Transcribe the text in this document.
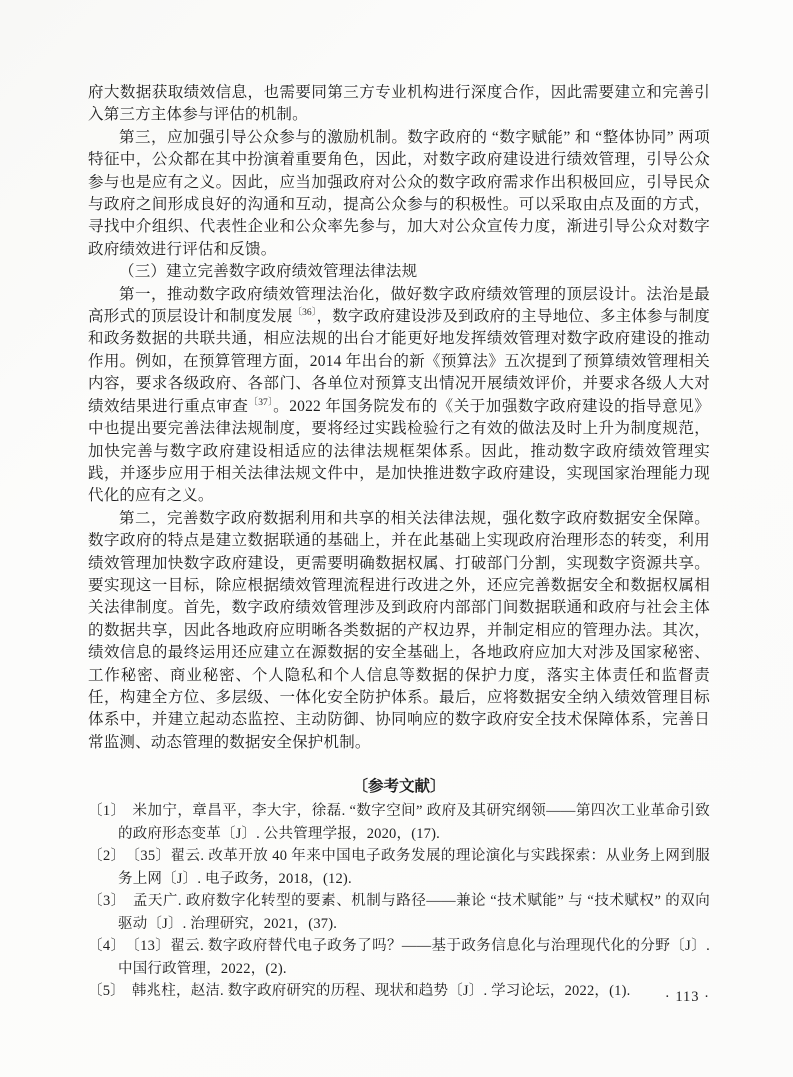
府大数据获取绩效信息，也需要同第三方专业机构进行深度合作，因此需要建立和完善引入第三方主体参与评估的机制。

第三，应加强引导公众参与的激励机制。数字政府的 “数字赋能” 和 “整体协同” 两项特征中，公众都在其中扮演着重要角色，因此，对数字政府建设进行绩效管理，引导公众参与也是应有之义。因此，应当加强政府对公众的数字政府需求作出积极回应，引导民众与政府之间形成良好的沟通和互动，提高公众参与的积极性。可以采取由点及面的方式，寻找中介组织、代表性企业和公众率先参与，加大对公众宣传力度，渐进引导公众对数字政府绩效进行评估和反馈。

（三）建立完善数字政府绩效管理法律法规

第一，推动数字政府绩效管理法治化，做好数字政府绩效管理的顶层设计。法治是最高形式的顶层设计和制度发展$^{〔36〕}$，数字政府建设涉及到政府的主导地位、多主体参与制度和政务数据的共联共通，相应法规的出台才能更好地发挥绩效管理对数字政府建设的推动作用。例如，在预算管理方面，2014 年出台的新《预算法》五次提到了预算绩效管理相关内容，要求各级政府、各部门、各单位对预算支出情况开展绩效评价，并要求各级人大对绩效结果进行重点审查$^{〔37〕}$。2022 年国务院发布的《关于加强数字政府建设的指导意见》中也提出要完善法律法规制度，要将经过实践检验行之有效的做法及时上升为制度规范，加快完善与数字政府建设相适应的法律法规框架体系。因此，推动数字政府绩效管理实践，并逐步应用于相关法律法规文件中，是加快推进数字政府建设，实现国家治理能力现代化的应有之义。

第二，完善数字政府数据利用和共享的相关法律法规，强化数字政府数据安全保障。数字政府的特点是建立数据联通的基础上，并在此基础上实现政府治理形态的转变，利用绩效管理加快数字政府建设，更需要明确数据权属、打破部门分割，实现数字资源共享。要实现这一目标，除应根据绩效管理流程进行改进之外，还应完善数据安全和数据权属相关法律制度。首先，数字政府绩效管理涉及到政府内部部门间数据联通和政府与社会主体的数据共享，因此各地政府应明晰各类数据的产权边界，并制定相应的管理办法。其次，绩效信息的最终运用还应建立在源数据的安全基础上，各地政府应加大对涉及国家秘密、工作秘密、商业秘密、个人隐私和个人信息等数据的保护力度，落实主体责任和监督责任，构建全方位、多层级、一体化安全防护体系。最后，应将数据安全纳入绩效管理目标体系中，并建立起动态监控、主动防御、协同响应的数字政府安全技术保障体系，完善日常监测、动态管理的数据安全保护机制。

〔参考文献〕

〔1〕 米加宁，章昌平，李大宇，徐磊. “数字空间” 政府及其研究纲领——第四次工业革命引致的政府形态变革〔J〕. 公共管理学报，2020，(17).
〔2〕 〔35〕翟云. 改革开放 40 年来中国电子政务发展的理论演化与实践探索：从业务上网到服务上网〔J〕. 电子政务，2018，(12).
〔3〕 孟天广. 政府数字化转型的要素、机制与路径——兼论 “技术赋能” 与 “技术赋权” 的双向驱动〔J〕. 治理研究，2021，(37).
〔4〕 〔13〕翟云. 数字政府替代电子政务了吗？——基于政务信息化与治理现代化的分野〔J〕. 中国行政管理，2022，(2).
〔5〕 韩兆柱，赵洁. 数字政府研究的历程、现状和趋势〔J〕. 学习论坛，2022，(1).	· 113 ·
